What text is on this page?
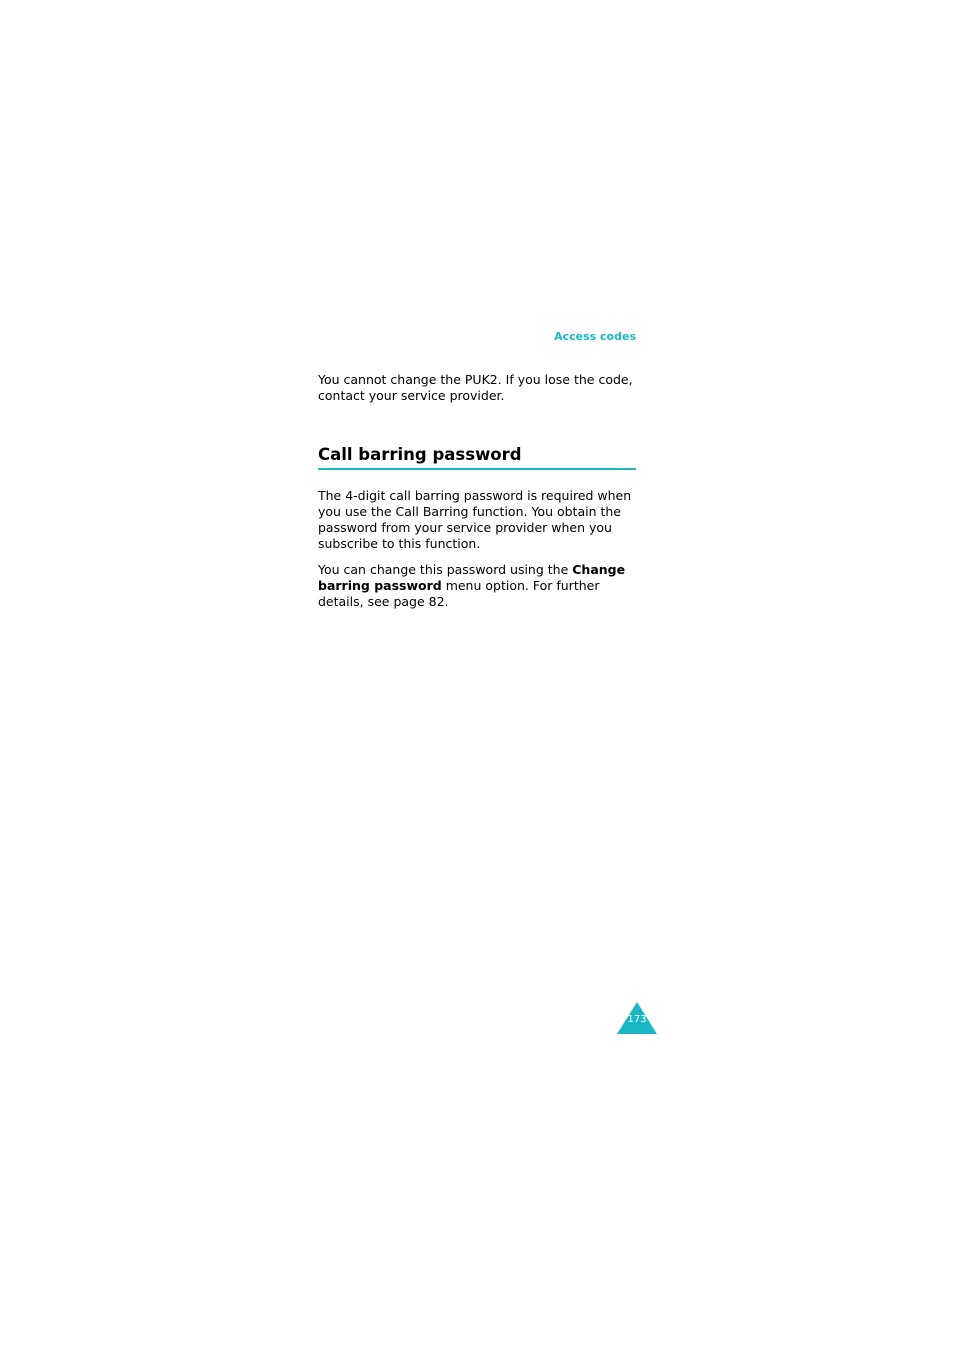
Access codes

You cannot change the PUK2. If you lose the code, contact your service provider.

Call barring password

The 4-digit call barring password is required when you use the Call Barring function. You obtain the password from your service provider when you subscribe to this function.

You can change this password using the Change barring password menu option. For further details, see page 82.

173
